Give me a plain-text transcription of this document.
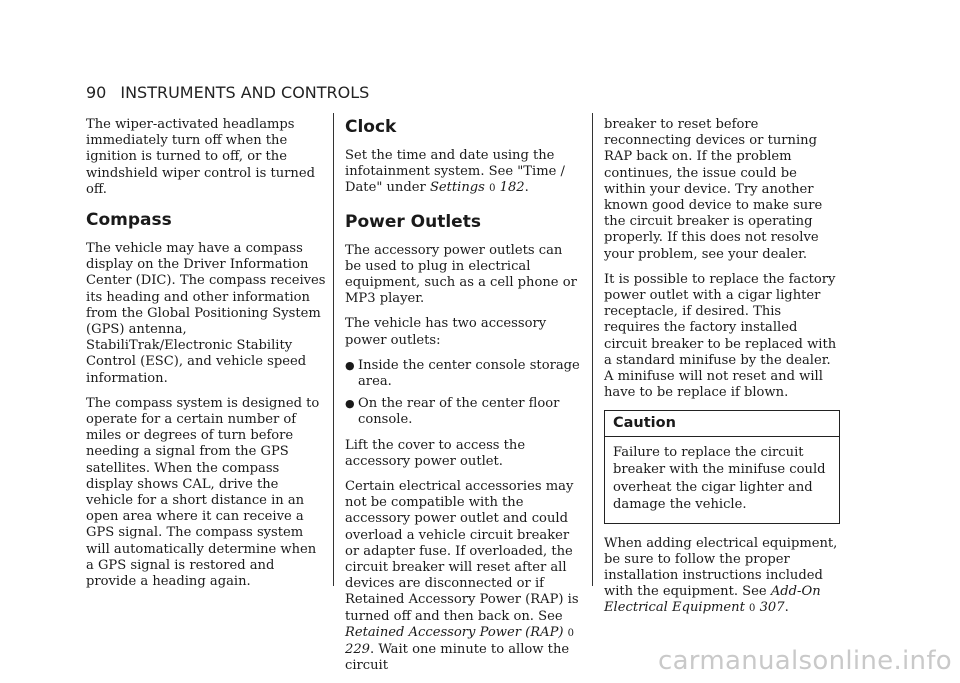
90 INSTRUMENTS AND CONTROLS

The wiper-activated headlamps immediately turn off when the ignition is turned to off, or the windshield wiper control is turned off.

Compass

The vehicle may have a compass display on the Driver Information Center (DIC). The compass receives its heading and other information from the Global Positioning System (GPS) antenna, StabiliTrak/Electronic Stability Control (ESC), and vehicle speed information.

The compass system is designed to operate for a certain number of miles or degrees of turn before needing a signal from the GPS satellites. When the compass display shows CAL, drive the vehicle for a short distance in an open area where it can receive a GPS signal. The compass system will automatically determine when a GPS signal is restored and provide a heading again.

Clock

Set the time and date using the infotainment system. See "Time / Date" under Settings 0 182.

Power Outlets

The accessory power outlets can be used to plug in electrical equipment, such as a cell phone or MP3 player.

The vehicle has two accessory power outlets:

● Inside the center console storage area.
● On the rear of the center floor console.

Lift the cover to access the accessory power outlet.

Certain electrical accessories may not be compatible with the accessory power outlet and could overload a vehicle circuit breaker or adapter fuse. If overloaded, the circuit breaker will reset after all devices are disconnected or if Retained Accessory Power (RAP) is turned off and then back on. See Retained Accessory Power (RAP) 0 229. Wait one minute to allow the circuit

breaker to reset before reconnecting devices or turning RAP back on. If the problem continues, the issue could be within your device. Try another known good device to make sure the circuit breaker is operating properly. If this does not resolve your problem, see your dealer.

It is possible to replace the factory power outlet with a cigar lighter receptacle, if desired. This requires the factory installed circuit breaker to be replaced with a standard minifuse by the dealer. A minifuse will not reset and will have to be replace if blown.

Caution
Failure to replace the circuit breaker with the minifuse could overheat the cigar lighter and damage the vehicle.

When adding electrical equipment, be sure to follow the proper installation instructions included with the equipment. See Add-On Electrical Equipment 0 307.

carmanualsonline.info
